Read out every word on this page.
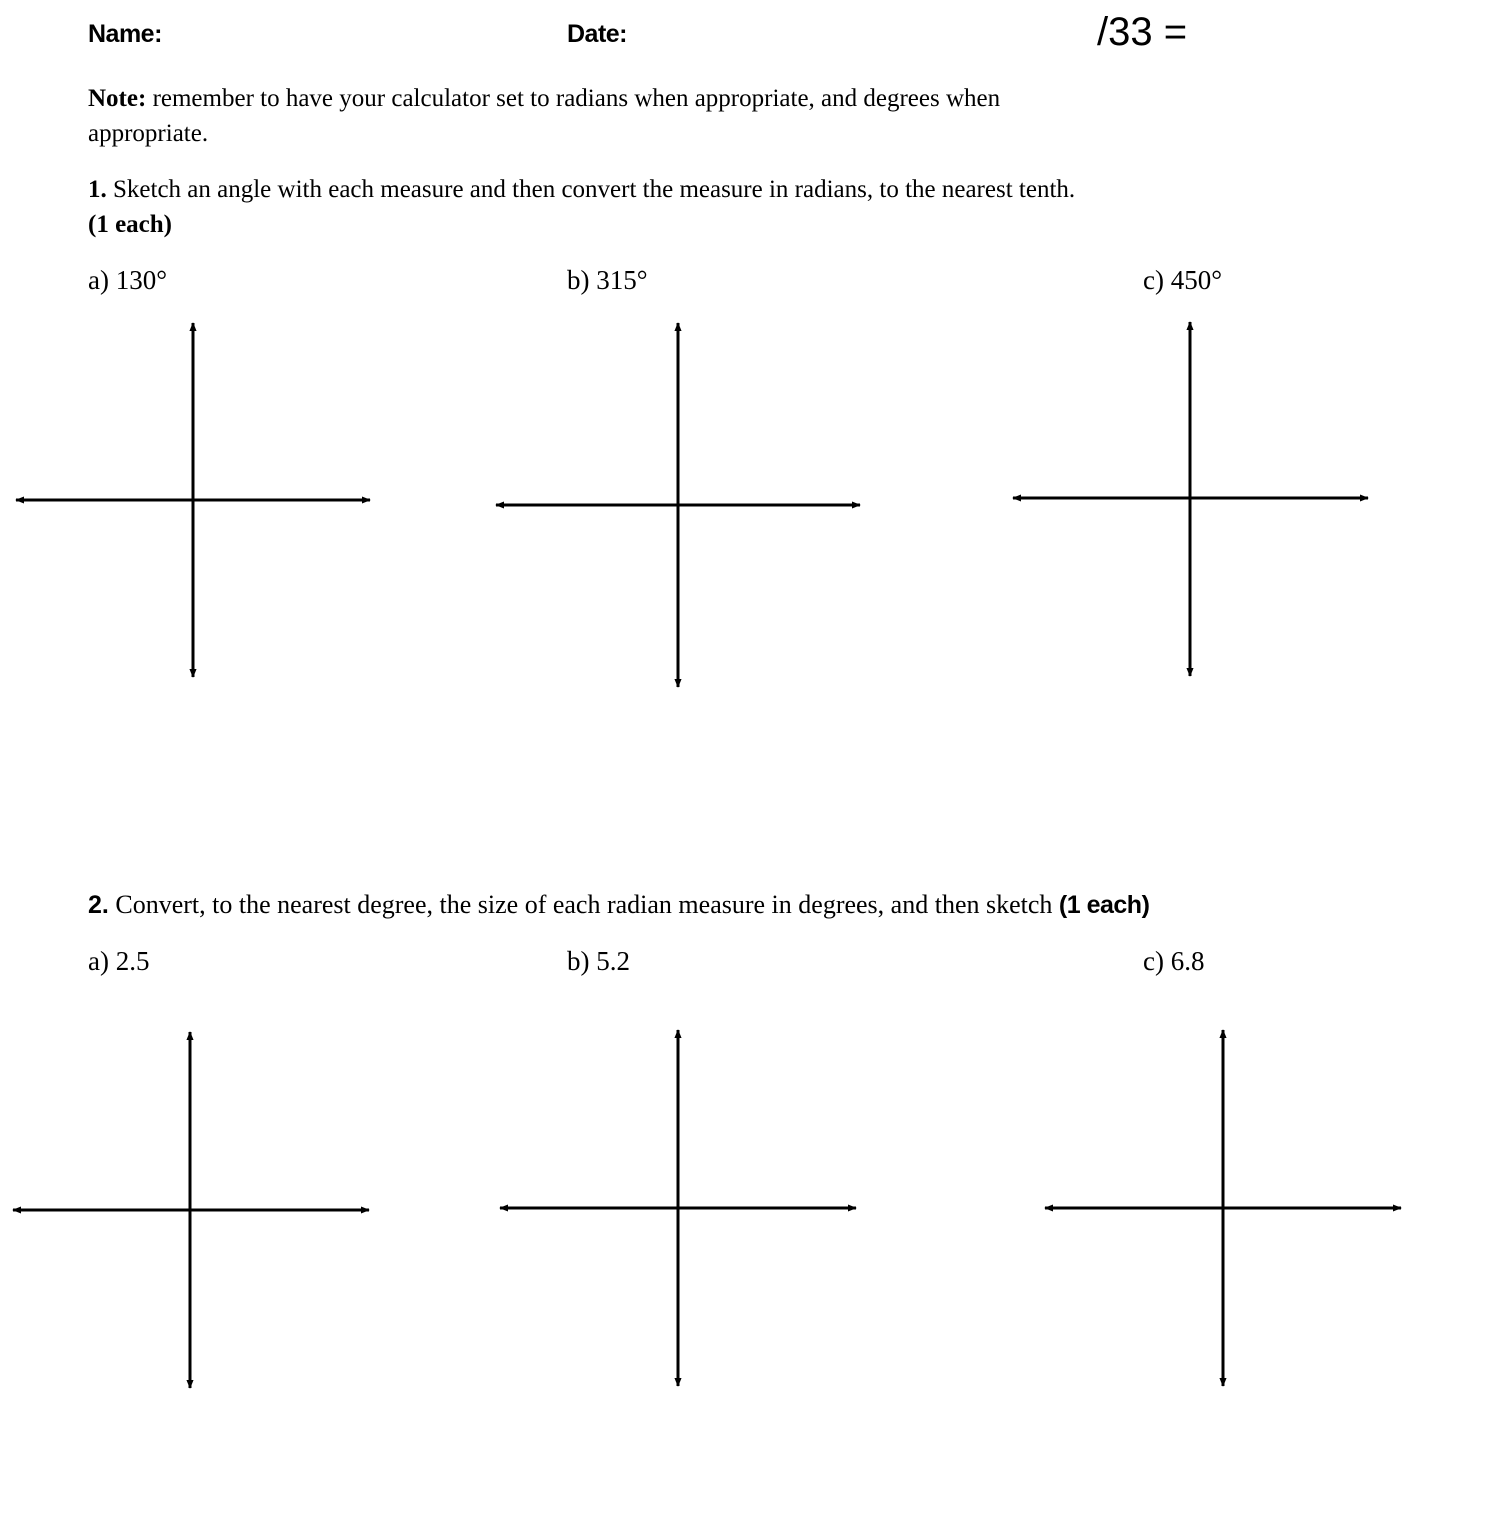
Name:	Date:	/33 =
Note: remember to have your calculator set to radians when appropriate, and degrees when
appropriate.
1. Sketch an angle with each measure and then convert the measure in radians, to the nearest tenth.
(1 each)
a) 130°	b) 315°	c) 450°
2. Convert, to the nearest degree, the size of each radian measure in degrees, and then sketch (1 each)
a) 2.5	b) 5.2	c) 6.8
